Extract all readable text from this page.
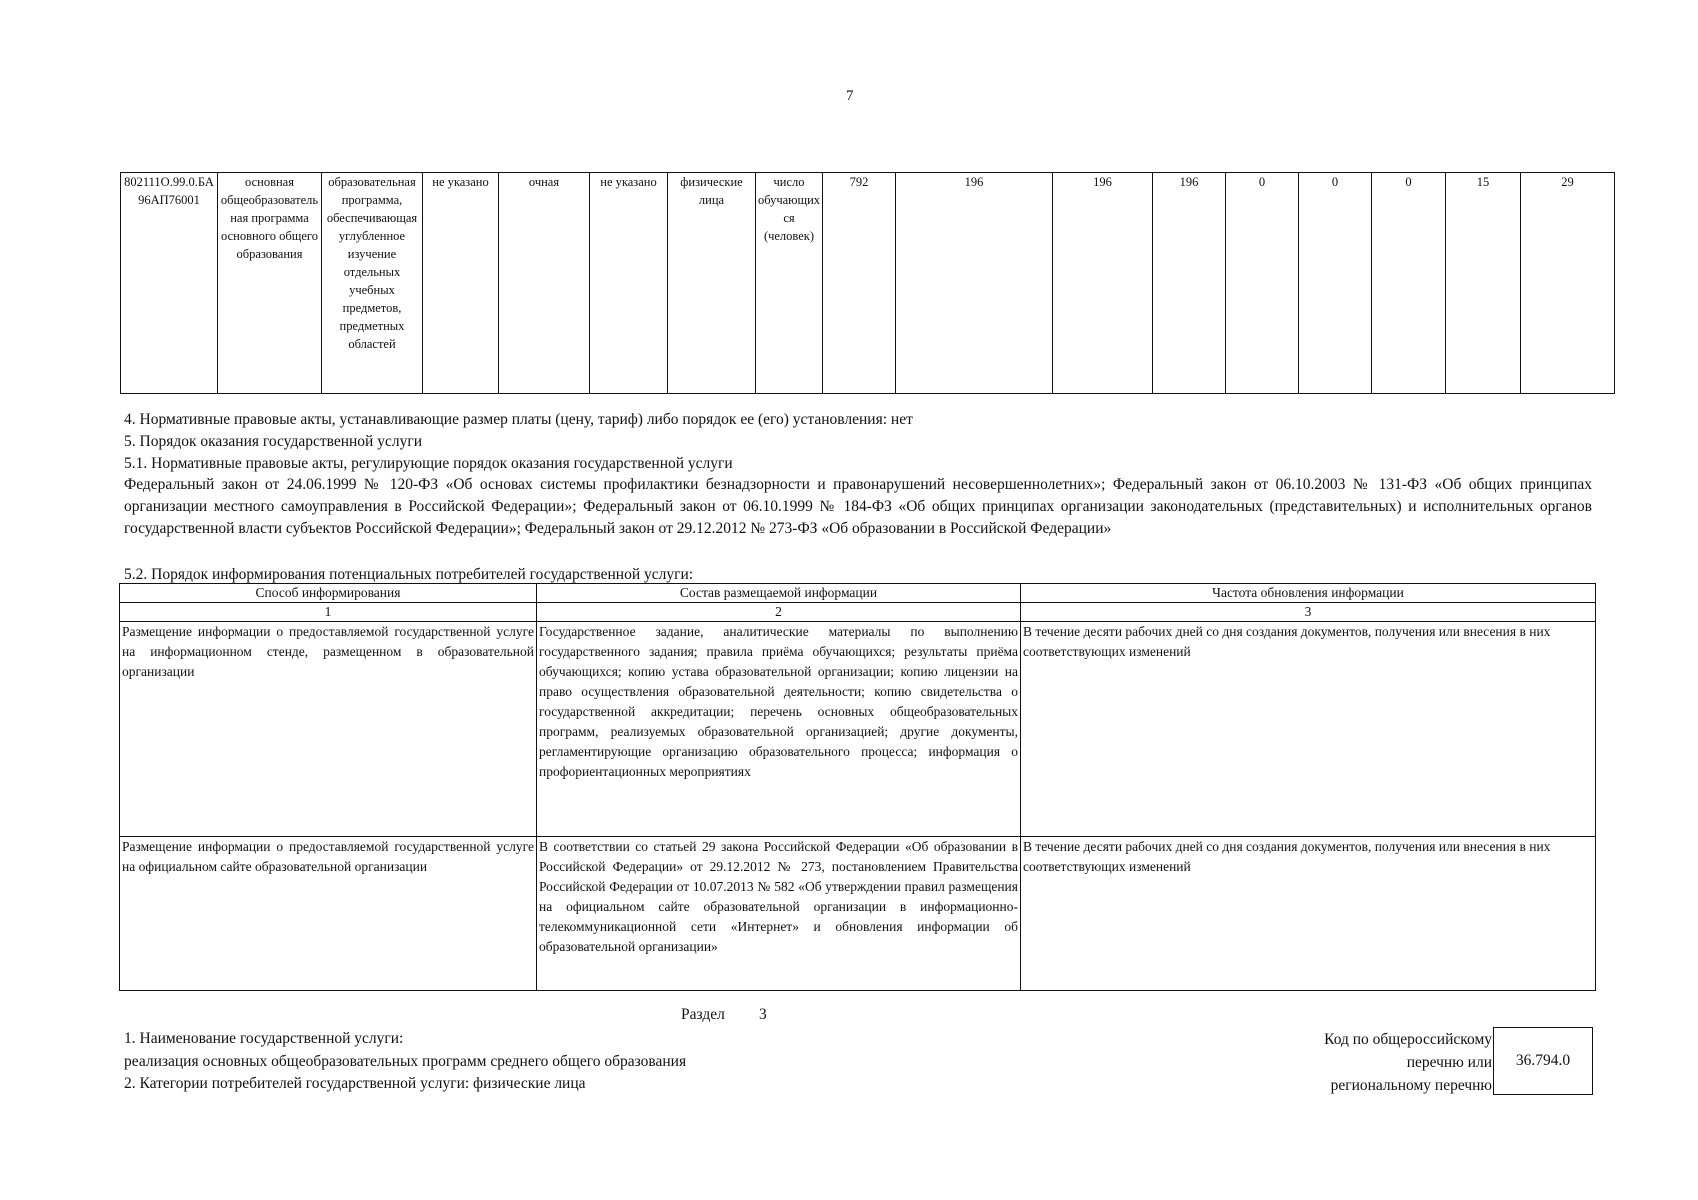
7
802111О.99.0.БА96АП76001	основная общеобразовательная программа основного общего образования	образовательная программа, обеспечивающая углубленное изучение отдельных учебных предметов, предметных областей	не указано	очная	не указано	физические лица	число обучающихся (человек)	792	196	196	196	0	0	0	15	29
4. Нормативные правовые акты, устанавливающие размер платы (цену, тариф) либо порядок ее (его) установления: нет
5. Порядок оказания государственной услуги
5.1. Нормативные правовые акты, регулирующие порядок оказания государственной услуги
Федеральный закон от 24.06.1999 № 120-ФЗ «Об основах системы профилактики безнадзорности и правонарушений несовершеннолетних»; Федеральный закон от 06.10.2003 № 131-ФЗ «Об общих принципах организации местного самоуправления в Российской Федерации»; Федеральный закон от 06.10.1999 № 184-ФЗ «Об общих принципах организации законодательных (представительных) и исполнительных органов государственной власти субъектов Российской Федерации»; Федеральный закон от 29.12.2012 № 273-ФЗ «Об образовании в Российской Федерации»
5.2. Порядок информирования потенциальных потребителей государственной услуги:
Способ информирования	Состав размещаемой информации	Частота обновления информации
1	2	3
Размещение информации о предоставляемой государственной услуге на информационном стенде, размещенном в образовательной организации	Государственное задание, аналитические материалы по выполнению государственного задания; правила приёма обучающихся; результаты приёма обучающихся; копию устава образовательной организации; копию лицензии на право осуществления образовательной деятельности; копию свидетельства о государственной аккредитации; перечень основных общеобразовательных программ, реализуемых образовательной организацией; другие документы, регламентирующие организацию образовательного процесса; информация о профориентационных мероприятиях	В течение десяти рабочих дней со дня создания документов, получения или внесения в них соответствующих изменений
Размещение информации о предоставляемой государственной услуге на официальном сайте образовательной организации	В соответствии со статьей 29 закона Российской Федерации «Об образовании в Российской Федерации» от 29.12.2012 № 273, постановлением Правительства Российской Федерации от 10.07.2013 № 582 «Об утверждении правил размещения на официальном сайте образовательной организации в информационно-телекоммуникационной сети «Интернет» и обновления информации об образовательной организации»	В течение десяти рабочих дней со дня создания документов, получения или внесения в них соответствующих изменений
Раздел 3
1. Наименование государственной услуги:
реализация основных общеобразовательных программ среднего общего образования
2. Категории потребителей государственной услуги: физические лица
Код по общероссийскому
перечню или
региональному перечню
36.794.0
